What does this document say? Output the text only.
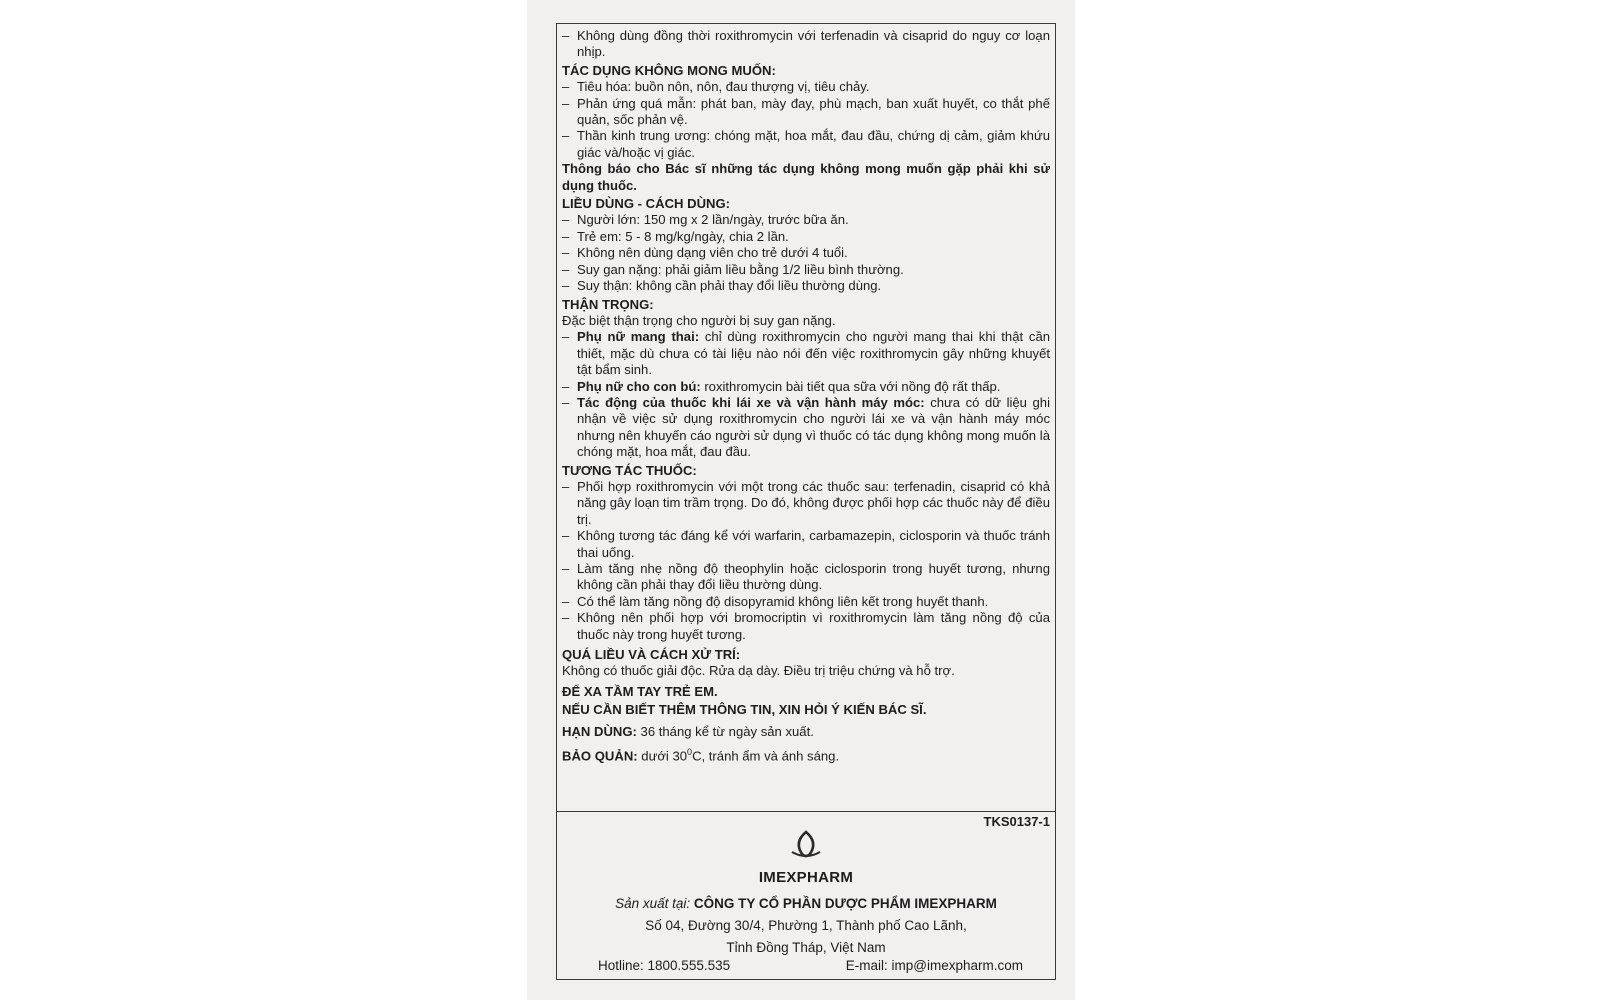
– Không dùng đồng thời roxithromycin với terfenadin và cisaprid do nguy cơ loạn nhịp.
TÁC DỤNG KHÔNG MONG MUỐN:
– Tiêu hóa: buồn nôn, nôn, đau thượng vị, tiêu chảy.
– Phản ứng quá mẫn: phát ban, mày đay, phù mạch, ban xuất huyết, co thắt phế quản, sốc phản vệ.
– Thần kinh trung ương: chóng mặt, hoa mắt, đau đầu, chứng dị cảm, giảm khứu giác và/hoặc vị giác.
Thông báo cho Bác sĩ những tác dụng không mong muốn gặp phải khi sử dụng thuốc.
LIỀU DÙNG - CÁCH DÙNG:
– Người lớn: 150 mg x 2 lần/ngày, trước bữa ăn.
– Trẻ em: 5 - 8 mg/kg/ngày, chia 2 lần.
– Không nên dùng dạng viên cho trẻ dưới 4 tuổi.
– Suy gan nặng: phải giảm liều bằng 1/2 liều bình thường.
– Suy thận: không cần phải thay đổi liều thường dùng.
THẬN TRỌNG:
Đặc biệt thận trọng cho người bị suy gan nặng.
– Phụ nữ mang thai: chỉ dùng roxithromycin cho người mang thai khi thật cần thiết, mặc dù chưa có tài liệu nào nói đến việc roxithromycin gây những khuyết tật bẩm sinh.
– Phụ nữ cho con bú: roxithromycin bài tiết qua sữa với nồng độ rất thấp.
– Tác động của thuốc khi lái xe và vận hành máy móc: chưa có dữ liệu ghi nhận về việc sử dụng roxithromycin cho người lái xe và vận hành máy móc nhưng nên khuyến cáo người sử dụng vì thuốc có tác dụng không mong muốn là chóng mặt, hoa mắt, đau đầu.
TƯƠNG TÁC THUỐC:
– Phối hợp roxithromycin với một trong các thuốc sau: terfenadin, cisaprid có khả năng gây loạn tim trầm trọng. Do đó, không được phối hợp các thuốc này để điều trị.
– Không tương tác đáng kể với warfarin, carbamazepin, ciclosporin và thuốc tránh thai uống.
– Làm tăng nhẹ nồng độ theophylin hoặc ciclosporin trong huyết tương, nhưng không cần phải thay đổi liều thường dùng.
– Có thể làm tăng nồng độ disopyramid không liên kết trong huyết thanh.
– Không nên phối hợp với bromocriptin vì roxithromycin làm tăng nồng độ của thuốc này trong huyết tương.
QUÁ LIỀU VÀ CÁCH XỬ TRÍ:
Không có thuốc giải độc. Rửa dạ dày. Điều trị triệu chứng và hỗ trợ.
ĐỂ XA TẦM TAY TRẺ EM.
NẾU CẦN BIẾT THÊM THÔNG TIN, XIN HỎI Ý KIẾN BÁC SĨ.
HẠN DÙNG: 36 tháng kể từ ngày sản xuất.
BẢO QUẢN: dưới $30^0C$, tránh ẩm và ánh sáng.
TKS0137-1
IMEXPHARM
Sản xuất tại: CÔNG TY CỔ PHẦN DƯỢC PHẨM IMEXPHARM
Số 04, Đường 30/4, Phường 1, Thành phố Cao Lãnh,
Tỉnh Đồng Tháp, Việt Nam
Hotline: 1800.555.535	E-mail: imp@imexpharm.com
